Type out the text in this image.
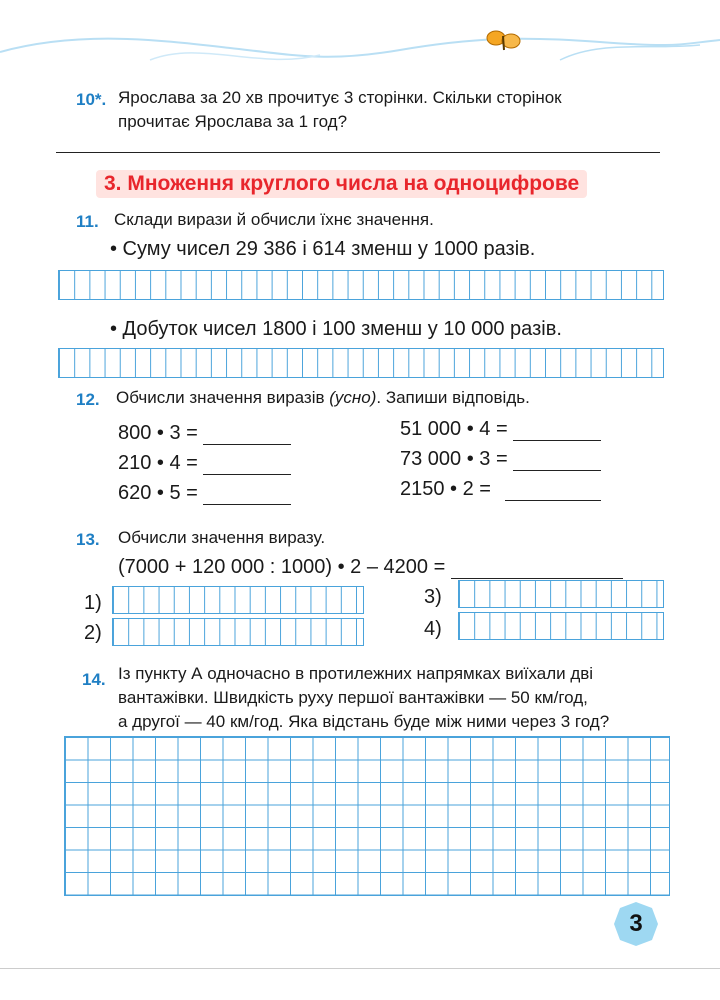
10*. Ярослава за 20 хв прочитує 3 сторінки. Скільки сторінок
прочитає Ярослава за 1 год?
3. Множення круглого числа на одноцифрове
11. Склади вирази й обчисли їхнє значення.
• Суму чисел 29 386 і 614 зменш у 1000 разів.
• Добуток чисел 1800 і 100 зменш у 10 000 разів.
12. Обчисли значення виразів (усно). Запиши відповідь.
800 • 3 =
210 • 4 =
620 • 5 =
51 000 • 4 =
73 000 • 3 =
2150 • 2 =
13. Обчисли значення виразу.
(7000 + 120 000 : 1000) • 2 – 4200 =
1)
2)
3)
4)
14. Із пункту А одночасно в протилежних напрямках виїхали дві
вантажівки. Швидкість руху першої вантажівки — 50 км/год,
а другої — 40 км/год. Яка відстань буде між ними через 3 год?
3
